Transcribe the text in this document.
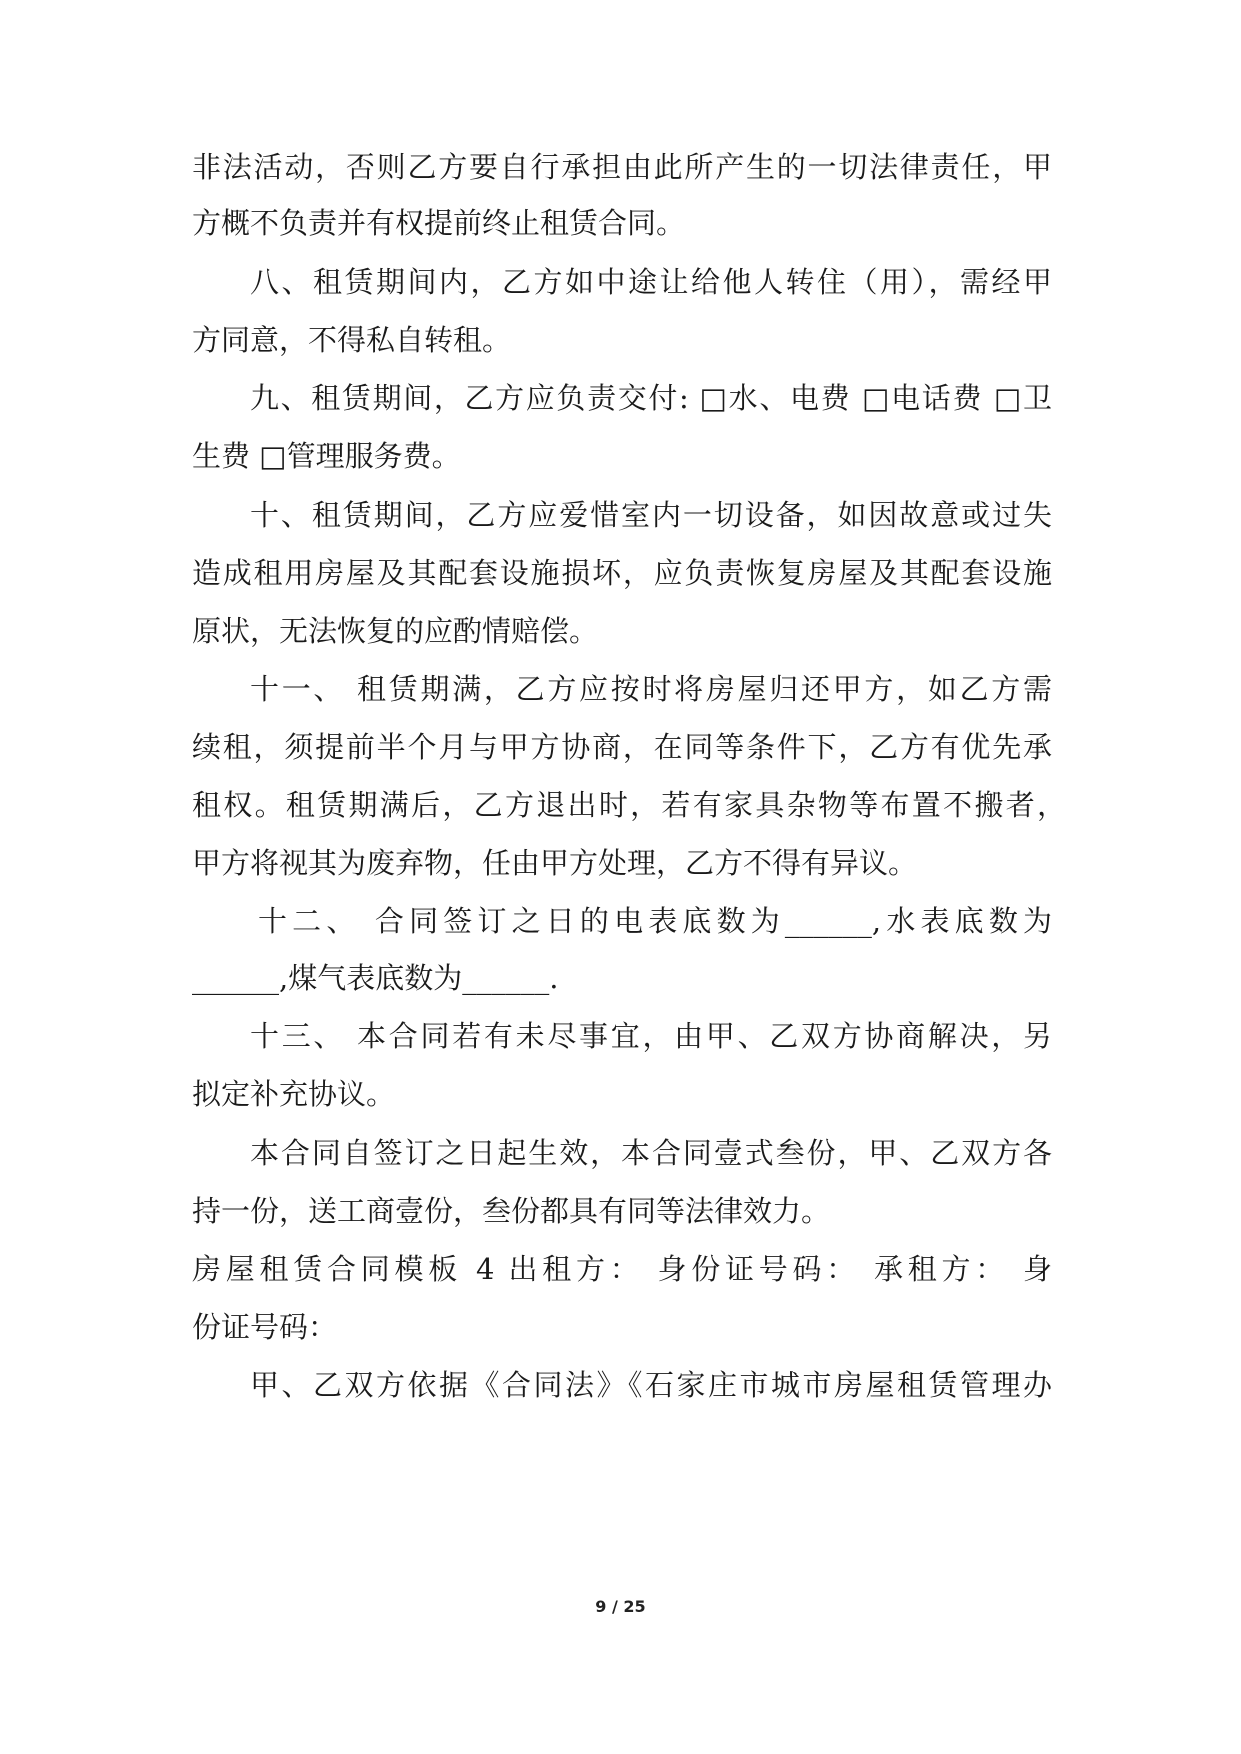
非法活动，否则乙方要自行承担由此所产生的一切法律责任，甲
方概不负责并有权提前终止租赁合同。
八、租赁期间内，乙方如中途让给他人转住（用），需经甲
方同意，不得私自转租。
九、租赁期间，乙方应负责交付: □水、电费 □电话费 □卫
生费 □管理服务费。
十、租赁期间，乙方应爱惜室内一切设备，如因故意或过失
造成租用房屋及其配套设施损坏，应负责恢复房屋及其配套设施
原状，无法恢复的应酌情赔偿。
十一、 租赁期满，乙方应按时将房屋归还甲方，如乙方需
续租，须提前半个月与甲方协商，在同等条件下，乙方有优先承
租权。租赁期满后，乙方退出时，若有家具杂物等布置不搬者，
甲方将视其为废弃物，任由甲方处理，乙方不得有异议。
十二、 合同签订之日的电表底数为______,水表底数为
______,煤气表底数为______.
十三、 本合同若有未尽事宜，由甲、乙双方协商解决，另
拟定补充协议。
本合同自签订之日起生效，本合同壹式叁份，甲、乙双方各
持一份，送工商壹份，叁份都具有同等法律效力。
房屋租赁合同模板 4 出租方： 身份证号码： 承租方： 身
份证号码：
甲、乙双方依据《合同法》《石家庄市城市房屋租赁管理办
9 / 25
